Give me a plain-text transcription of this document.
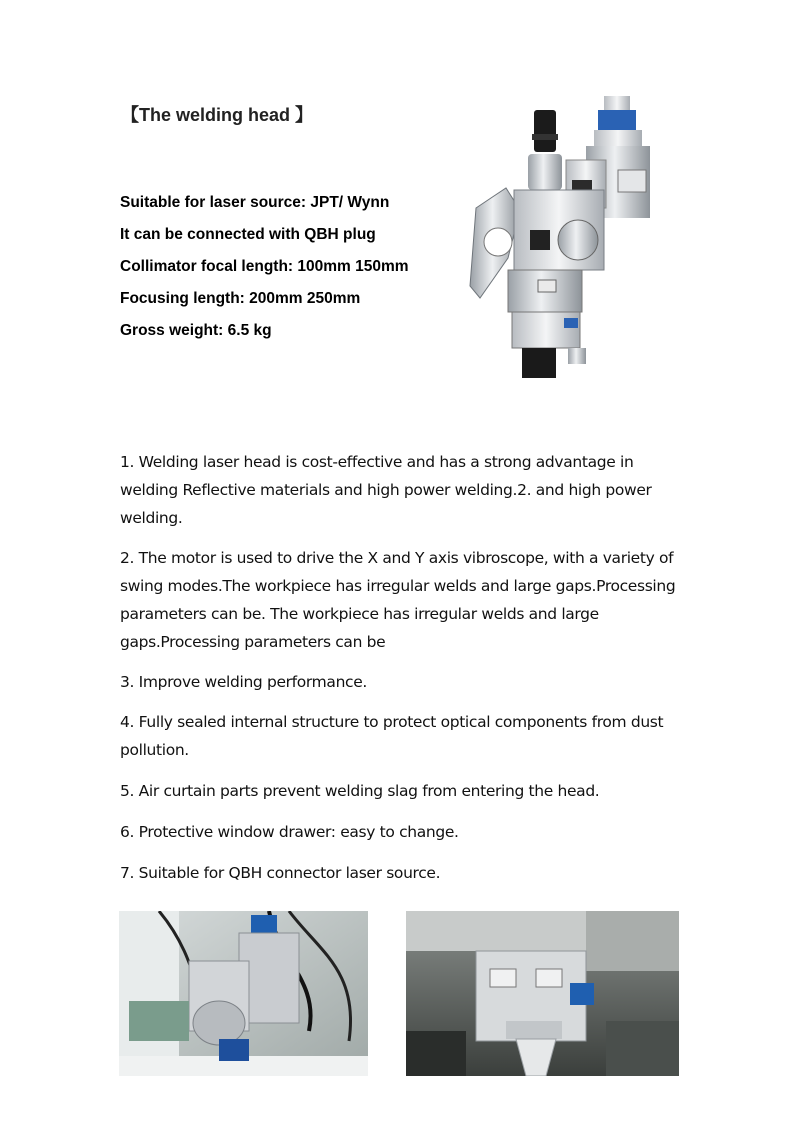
【The welding head 】
Suitable for laser source: JPT/ Wynn
It can be connected with QBH plug
Collimator focal length: 100mm 150mm
Focusing length: 200mm 250mm
Gross weight: 6.5 kg

1. Welding laser head is cost-effective and has a strong advantage in welding Reflective materials and high power welding.2. and high power welding.

2. The motor is used to drive the X and Y axis vibroscope, with a variety of swing modes.The workpiece has irregular welds and large gaps.Processing parameters can be. The workpiece has irregular welds and large gaps.Processing parameters can be

3. Improve welding performance.

4. Fully sealed internal structure to protect optical components from dust pollution.

5. Air curtain parts prevent welding slag from entering the head.

6. Protective window drawer: easy to change.

7. Suitable for QBH connector laser source.
